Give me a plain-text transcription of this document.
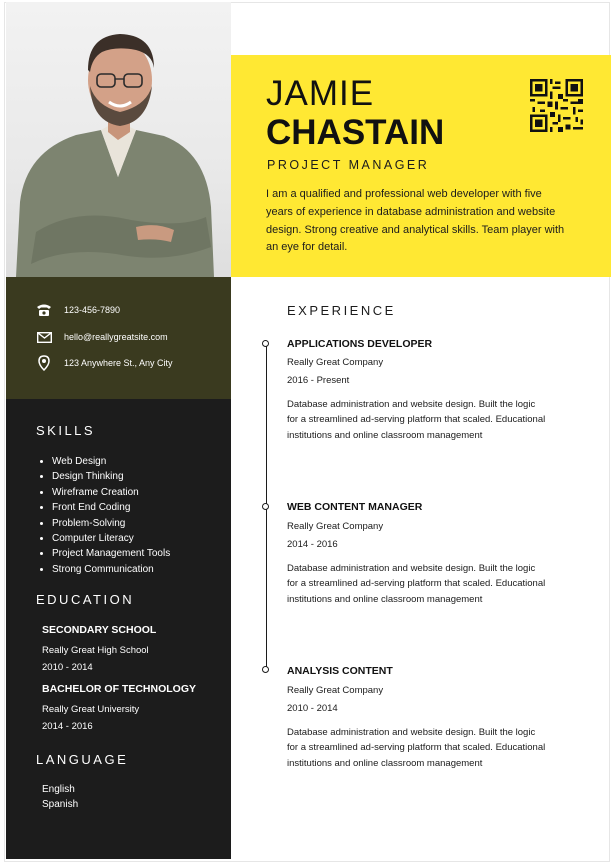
123-456-7890
hello@reallygreatsite.com
123 Anywhere St., Any City
SKILLS
• Web Design
• Design Thinking
• Wireframe Creation
• Front End Coding
• Problem-Solving
• Computer Literacy
• Project Management Tools
• Strong Communication
EDUCATION
SECONDARY SCHOOL
Really Great High School
2010 - 2014
BACHELOR OF TECHNOLOGY
Really Great University
2014 - 2016
LANGUAGE
English
Spanish
JAMIE
CHASTAIN
PROJECT MANAGER
I am a qualified and professional web developer with five years of experience in database administration and website design. Strong creative and analytical skills. Team player with an eye for detail.
EXPERIENCE
APPLICATIONS DEVELOPER
Really Great Company
2016 - Present
Database administration and website design. Built the logic for a streamlined ad-serving platform that scaled. Educational institutions and online classroom management
WEB CONTENT MANAGER
Really Great Company
2014 - 2016
Database administration and website design. Built the logic for a streamlined ad-serving platform that scaled. Educational institutions and online classroom management
ANALYSIS CONTENT
Really Great Company
2010 - 2014
Database administration and website design. Built the logic for a streamlined ad-serving platform that scaled. Educational institutions and online classroom management
